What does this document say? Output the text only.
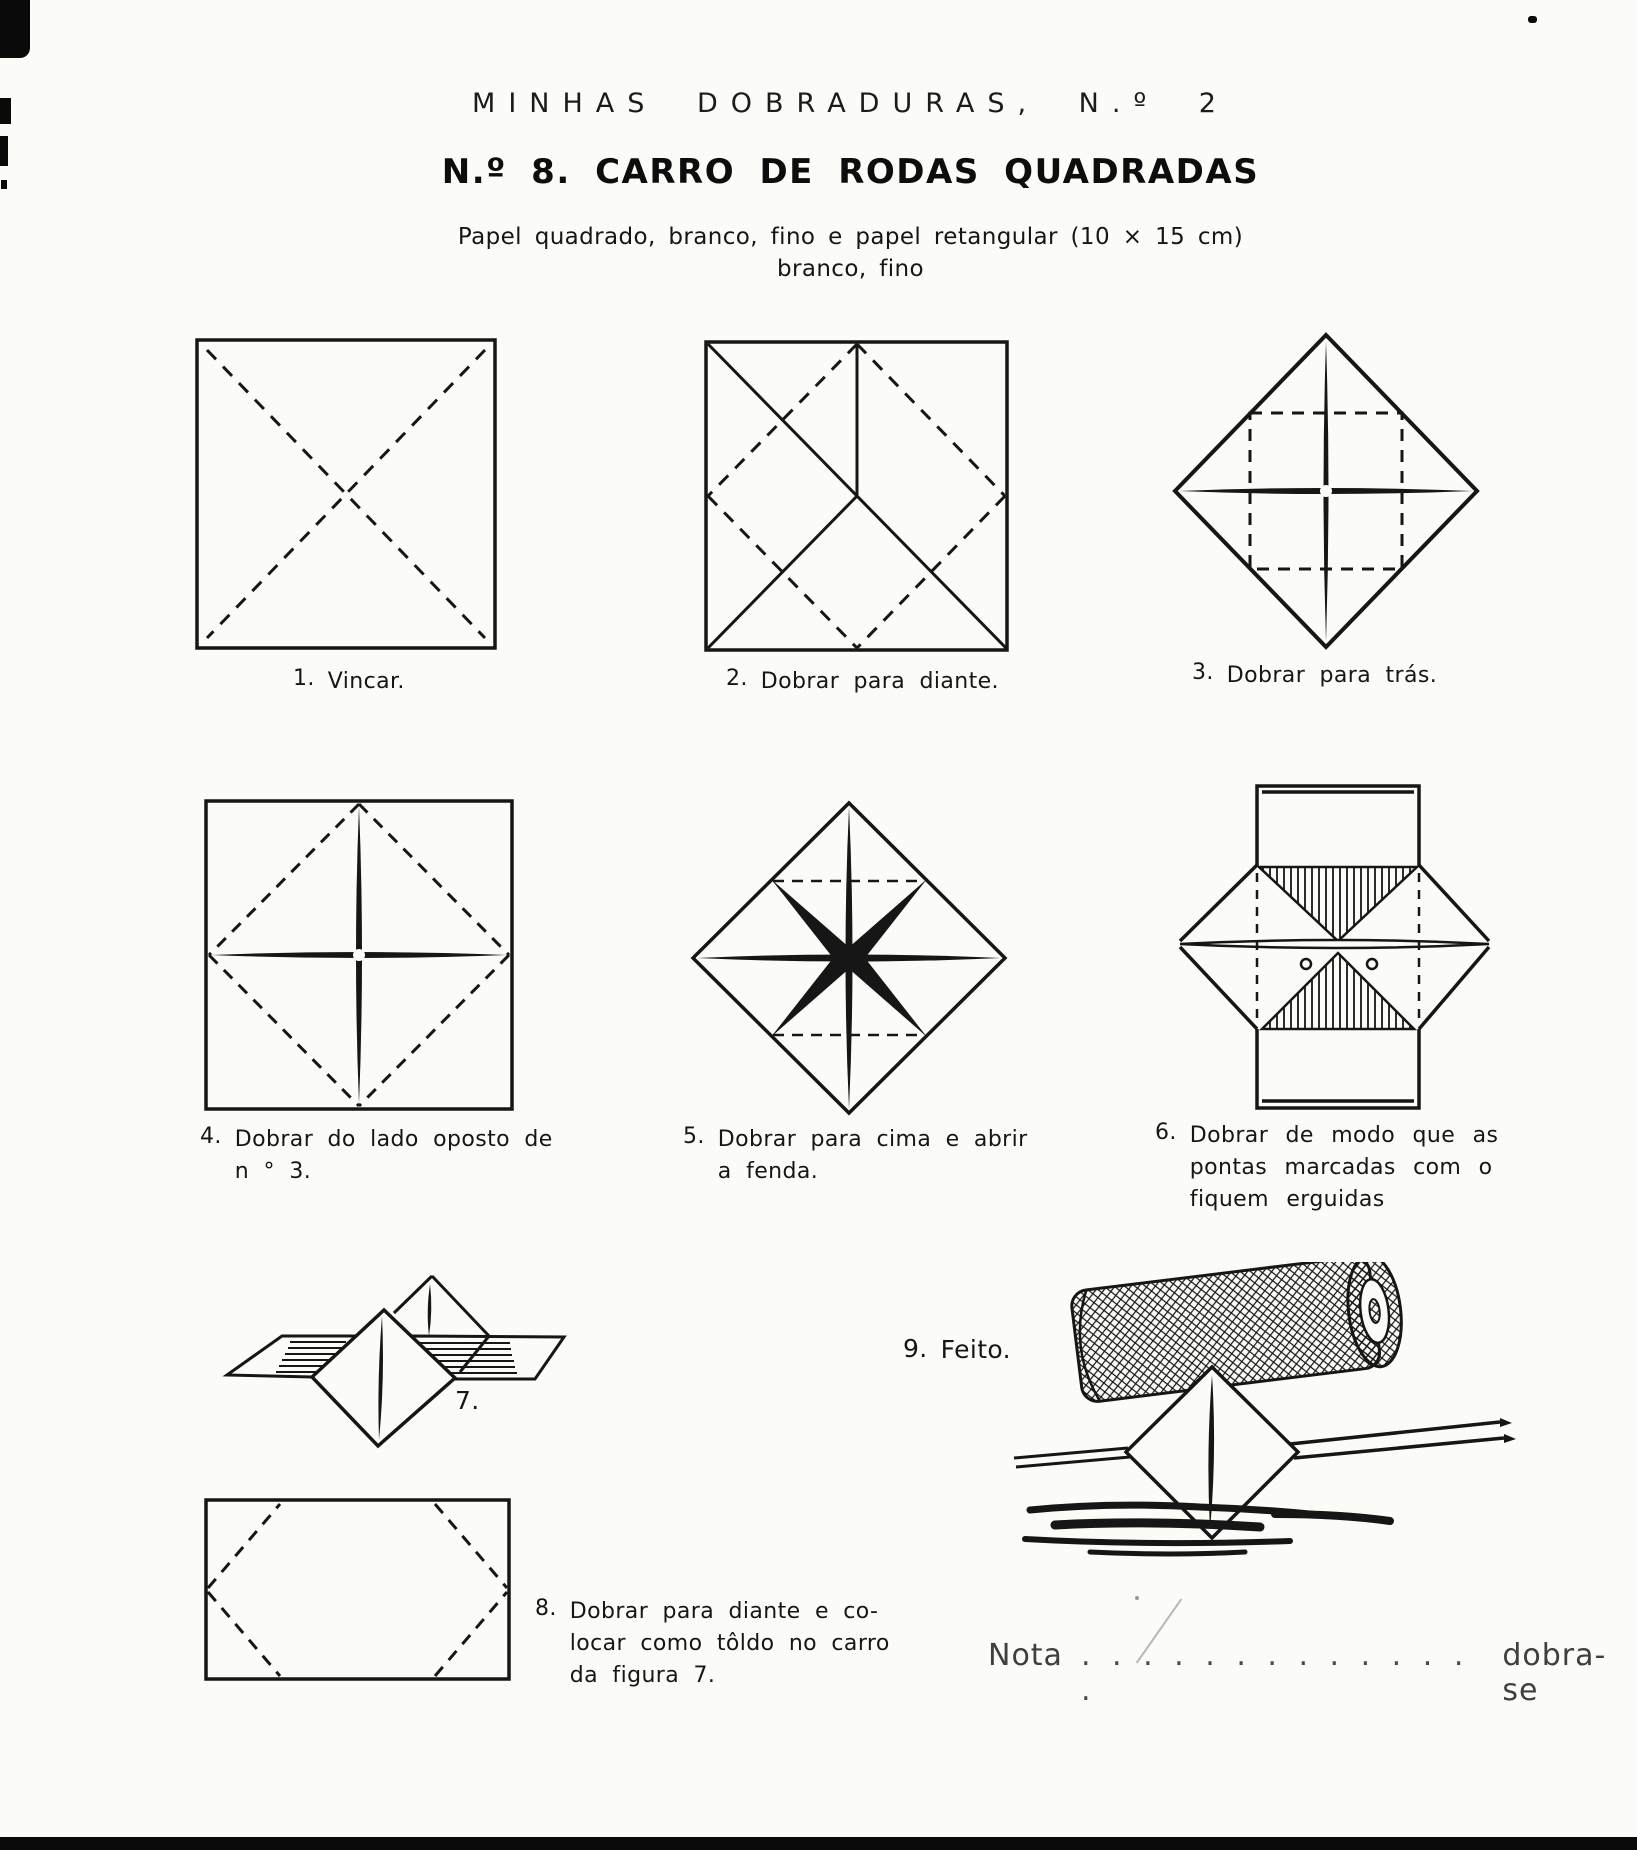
MINHAS DOBRADURAS, N.º 2
N.º 8. CARRO DE RODAS QUADRADAS
Papel quadrado, branco, fino e papel retangular (10 × 15 cm)
branco, fino
1. Vincar.	2. Dobrar para diante.	3. Dobrar para trás.
4. Dobrar do lado oposto de
n ° 3.
5. Dobrar para cima e abrir
a fenda.
6. Dobrar de modo que as
pontas marcadas com o
fiquem erguidas
7.
9. Feito.
8. Dobrar para diante e co-
locar como tôldo no carro
da figura 7.
Nota . . . . . . . . . . . . . .
dobra-se
